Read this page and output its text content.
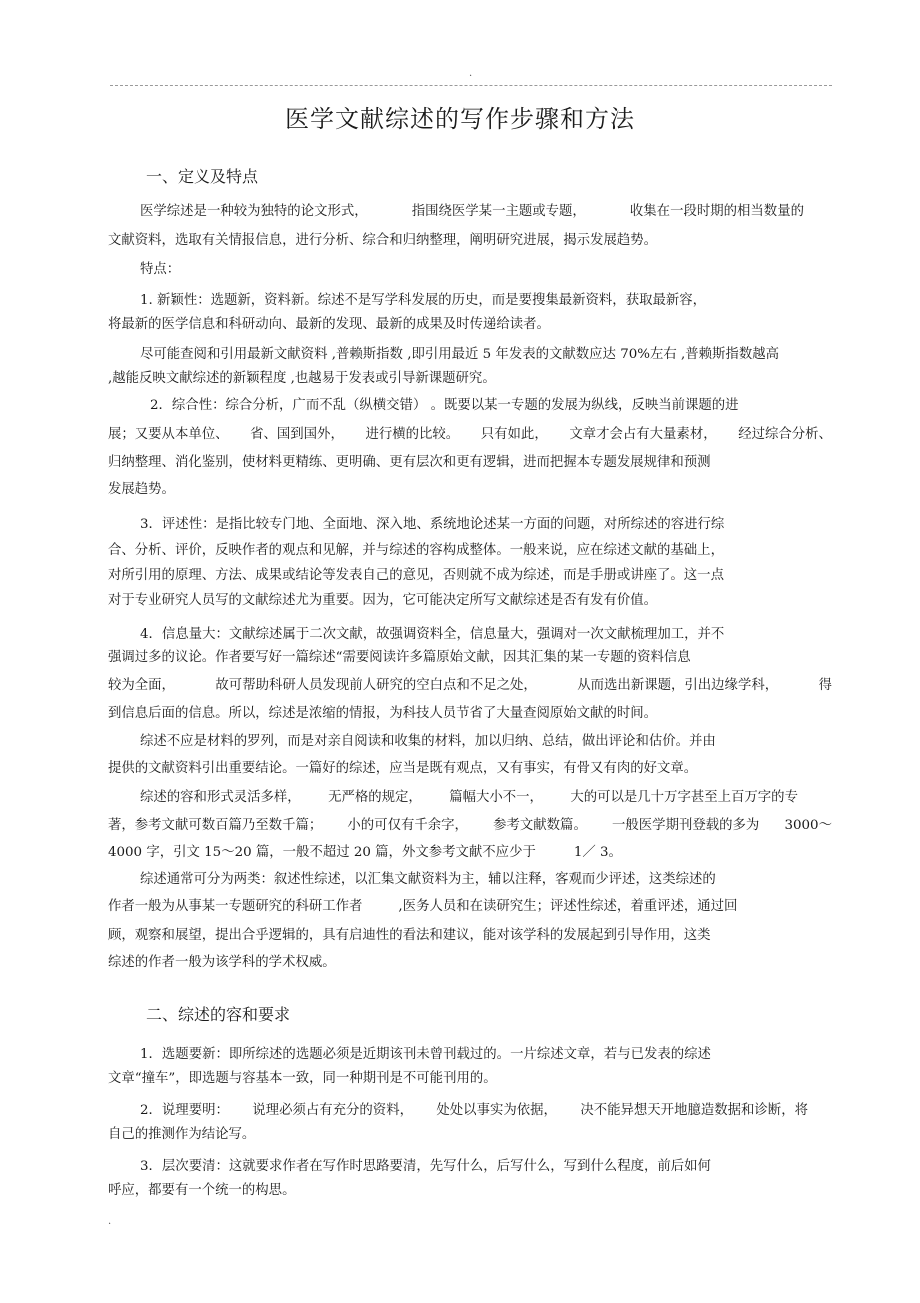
.
医学文献综述的写作步骤和方法
一、定义及特点
医学综述是一种较为独特的论文形式，	指围绕医学某一主题或专题，	收集在一段时期的相当数量的
文献资料，选取有关情报信息，进行分析、综合和归纳整理，阐明研究进展，揭示发展趋势。
特点：
1. 新颖性：选题新，资料新。综述不是写学科发展的历史，而是要搜集最新资料，获取最新容，
将最新的医学信息和科研动向、最新的发现、最新的成果及时传递给读者。
尽可能查阅和引用最新文献资料 ,普赖斯指数 ,即引用最近 5 年发表的文献数应达 70%左右 ,普赖斯指数越高
,越能反映文献综述的新颖程度 ,也越易于发表或引导新课题研究。
2．综合性：综合分析，广而不乱（纵横交错） 。既要以某一专题的发展为纵线，反映当前课题的进
展；又要从本单位、 省、国到国外， 进行横的比较。 只有如此， 文章才会占有大量素材， 经过综合分析、
归纳整理、消化鉴别，使材料更精练、更明确、更有层次和更有逻辑，进而把握本专题发展规律和预测
发展趋势。
3．评述性：是指比较专门地、全面地、深入地、系统地论述某一方面的问题，对所综述的容进行综
合、分析、评价，反映作者的观点和见解，并与综述的容构成整体。一般来说，应在综述文献的基础上，
对所引用的原理、方法、成果或结论等发表自己的意见，否则就不成为综述，而是手册或讲座了。这一点
对于专业研究人员写的文献综述尤为重要。因为，它可能决定所写文献综述是否有发有价值。
4．信息量大：文献综述属于二次文献，故强调资料全，信息量大，强调对一次文献梳理加工，并不
强调过多的议论。作者要写好一篇综述“需要阅读许多篇原始文献，因其汇集的某一专题的资料信息
较为全面，	故可帮助科研人员发现前人研究的空白点和不足之处，	从而选出新课题，引出边缘学科，	得
到信息后面的信息。所以，综述是浓缩的情报，为科技人员节省了大量查阅原始文献的时间。
综述不应是材料的罗列，而是对亲自阅读和收集的材料，加以归纳、总结，做出评论和估价。并由
提供的文献资料引出重要结论。一篇好的综述，应当是既有观点，又有事实，有骨又有肉的好文章。
综述的容和形式灵活多样， 无严格的规定， 篇幅大小不一， 大的可以是几十万字甚至上百万字的专
著，参考文献可数百篇乃至数千篇； 小的可仅有千余字， 参考文献数篇。 一般医学期刊登载的多为 3000～
4000 字，引文 15～20 篇，一般不超过 20 篇，外文参考文献不应少于	1／ 3。
综述通常可分为两类：叙述性综述，以汇集文献资料为主，辅以注释，客观而少评述，这类综述的
作者一般为从事某一专题研究的科研工作者	,医务人员和在读研究生；评述性综述，着重评述，通过回
顾，观察和展望，提出合乎逻辑的，具有启迪性的看法和建议，能对该学科的发展起到引导作用，这类
综述的作者一般为该学科的学术权威。
二、综述的容和要求
1．选题要新：即所综述的选题必须是近期该刊未曾刊载过的。一片综述文章，若与已发表的综述
文章“撞车”，即选题与容基本一致，同一种期刊是不可能刊用的。
2．说理要明： 说理必须占有充分的资料， 处处以事实为依据， 决不能异想天开地臆造数据和诊断，将
自己的推测作为结论写。
3．层次要清：这就要求作者在写作时思路要清，先写什么，后写什么，写到什么程度，前后如何
呼应，都要有一个统一的构思。
.
